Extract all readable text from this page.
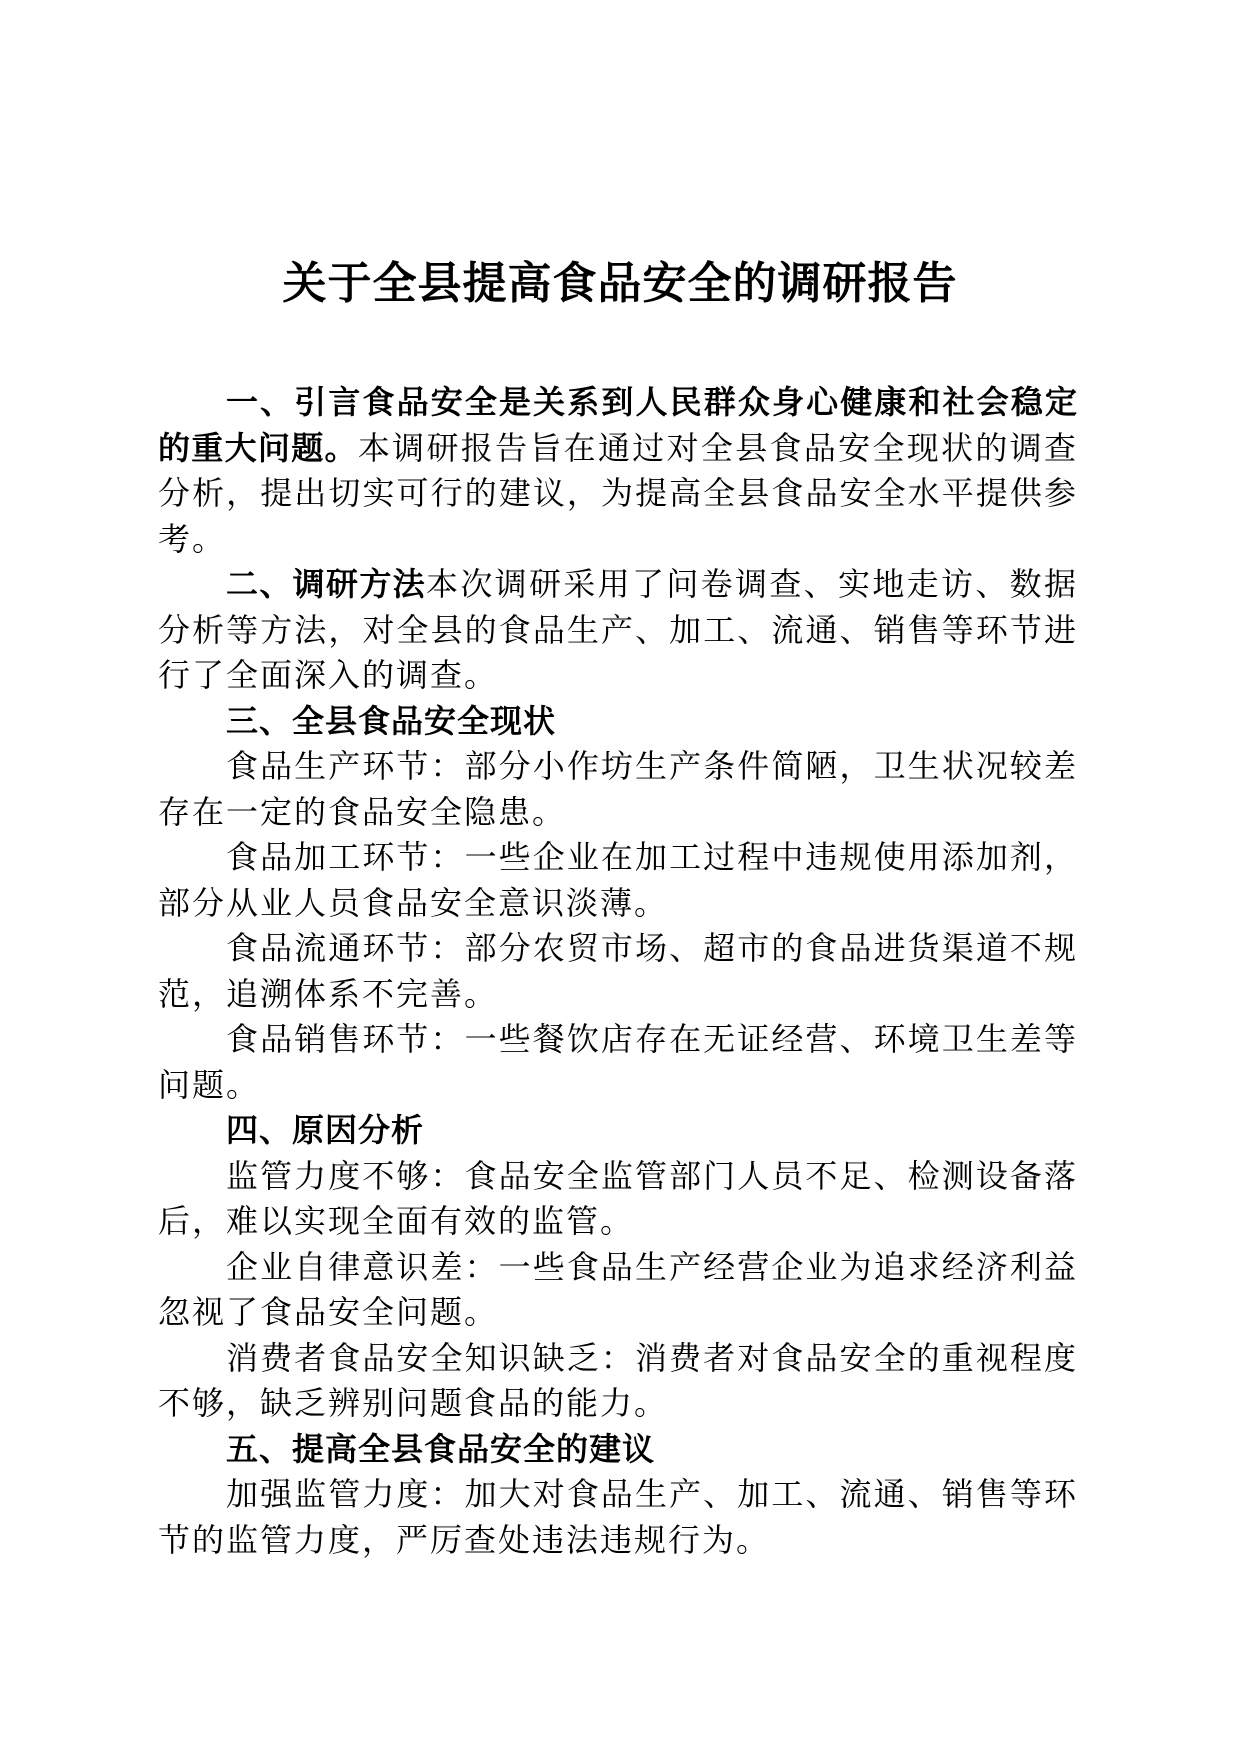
关于全县提高食品安全的调研报告

一、引言食品安全是关系到人民群众身心健康和社会稳定的重大问题。本调研报告旨在通过对全县食品安全现状的调查分析，提出切实可行的建议，为提高全县食品安全水平提供参考。

二、调研方法本次调研采用了问卷调查、实地走访、数据分析等方法，对全县的食品生产、加工、流通、销售等环节进行了全面深入的调查。

三、全县食品安全现状

食品生产环节：部分小作坊生产条件简陋，卫生状况较差存在一定的食品安全隐患。

食品加工环节：一些企业在加工过程中违规使用添加剂，部分从业人员食品安全意识淡薄。

食品流通环节：部分农贸市场、超市的食品进货渠道不规范，追溯体系不完善。

食品销售环节：一些餐饮店存在无证经营、环境卫生差等问题。

四、原因分析

监管力度不够：食品安全监管部门人员不足、检测设备落后，难以实现全面有效的监管。

企业自律意识差：一些食品生产经营企业为追求经济利益忽视了食品安全问题。

消费者食品安全知识缺乏：消费者对食品安全的重视程度不够，缺乏辨别问题食品的能力。

五、提高全县食品安全的建议

加强监管力度：加大对食品生产、加工、流通、销售等环节的监管力度，严厉查处违法违规行为。
